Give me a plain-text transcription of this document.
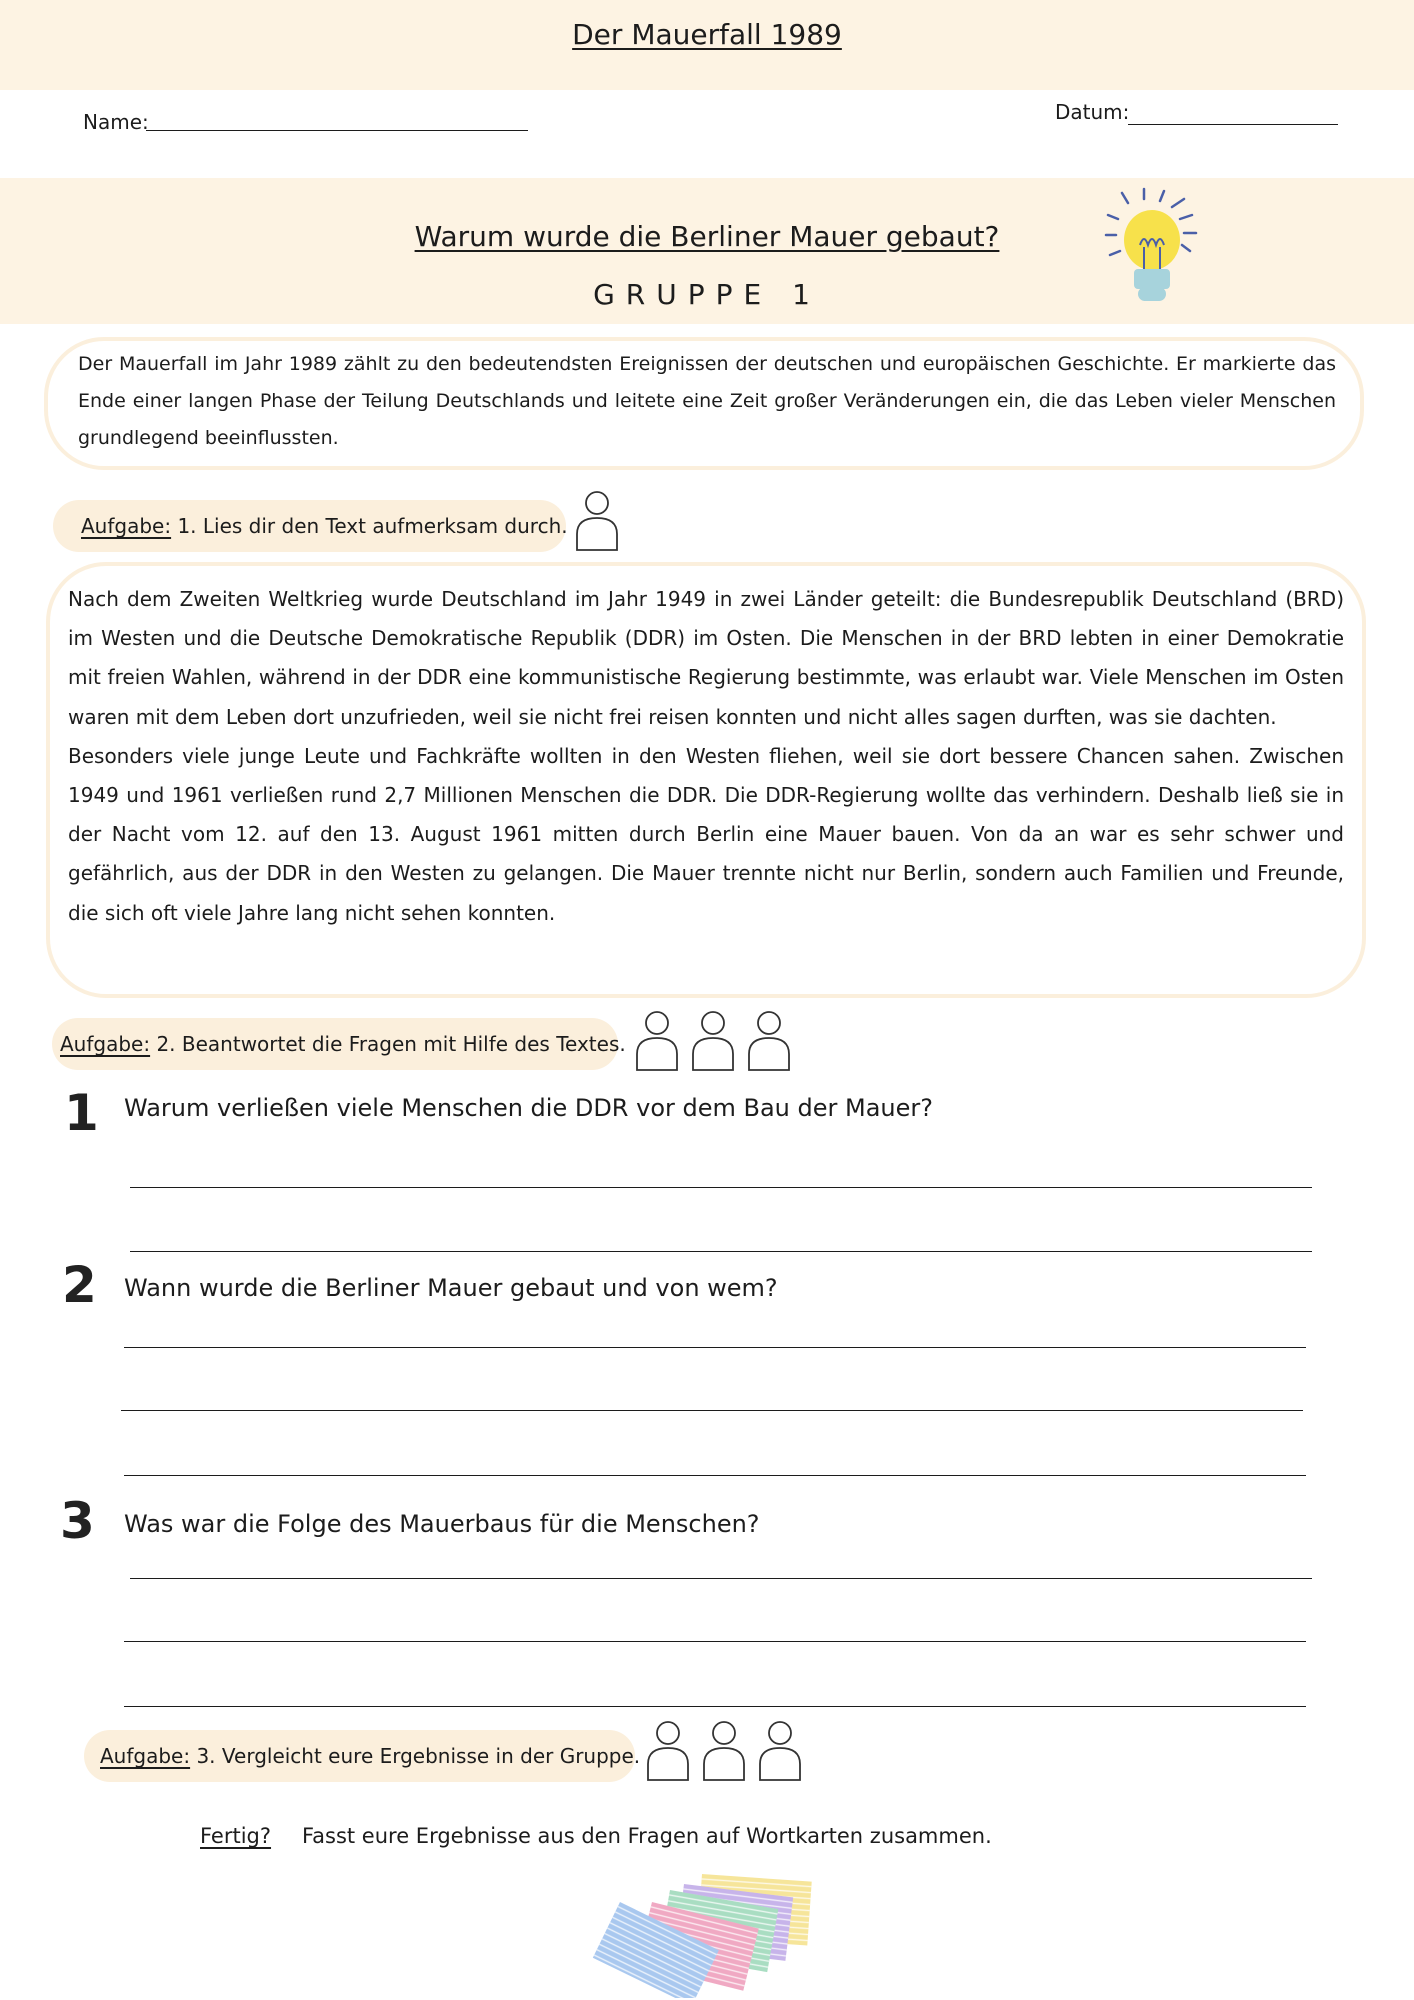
Der Mauerfall 1989
Name:	Datum:
Warum wurde die Berliner Mauer gebaut?
GRUPPE 1
Der Mauerfall im Jahr 1989 zählt zu den bedeutendsten Ereignissen der deutschen und europäischen Geschichte. Er markierte das Ende einer langen Phase der Teilung Deutschlands und leitete eine Zeit großer Veränderungen ein, die das Leben vieler Menschen grundlegend beeinflussten.
Aufgabe: 1. Lies dir den Text aufmerksam durch.

Nach dem Zweiten Weltkrieg wurde Deutschland im Jahr 1949 in zwei Länder geteilt: die Bundesrepublik Deutschland (BRD) im Westen und die Deutsche Demokratische Republik (DDR) im Osten. Die Menschen in der BRD lebten in einer Demokratie mit freien Wahlen, während in der DDR eine kommunistische Regierung bestimmte, was erlaubt war. Viele Menschen im Osten waren mit dem Leben dort unzufrieden, weil sie nicht frei reisen konnten und nicht alles sagen durften, was sie dachten.

Besonders viele junge Leute und Fachkräfte wollten in den Westen fliehen, weil sie dort bessere Chancen sahen. Zwischen 1949 und 1961 verließen rund 2,7 Millionen Menschen die DDR. Die DDR-Regierung wollte das verhindern. Deshalb ließ sie in der Nacht vom 12. auf den 13. August 1961 mitten durch Berlin eine Mauer bauen. Von da an war es sehr schwer und gefährlich, aus der DDR in den Westen zu gelangen. Die Mauer trennte nicht nur Berlin, sondern auch Familien und Freunde, die sich oft viele Jahre lang nicht sehen konnten.

Aufgabe: 2. Beantwortet die Fragen mit Hilfe des Textes.
1 Warum verließen viele Menschen die DDR vor dem Bau der Mauer?
2 Wann wurde die Berliner Mauer gebaut und von wem?
3 Was war die Folge des Mauerbaus für die Menschen?
Aufgabe: 3. Vergleicht eure Ergebnisse in der Gruppe.
Fertig? Fasst eure Ergebnisse aus den Fragen auf Wortkarten zusammen.
